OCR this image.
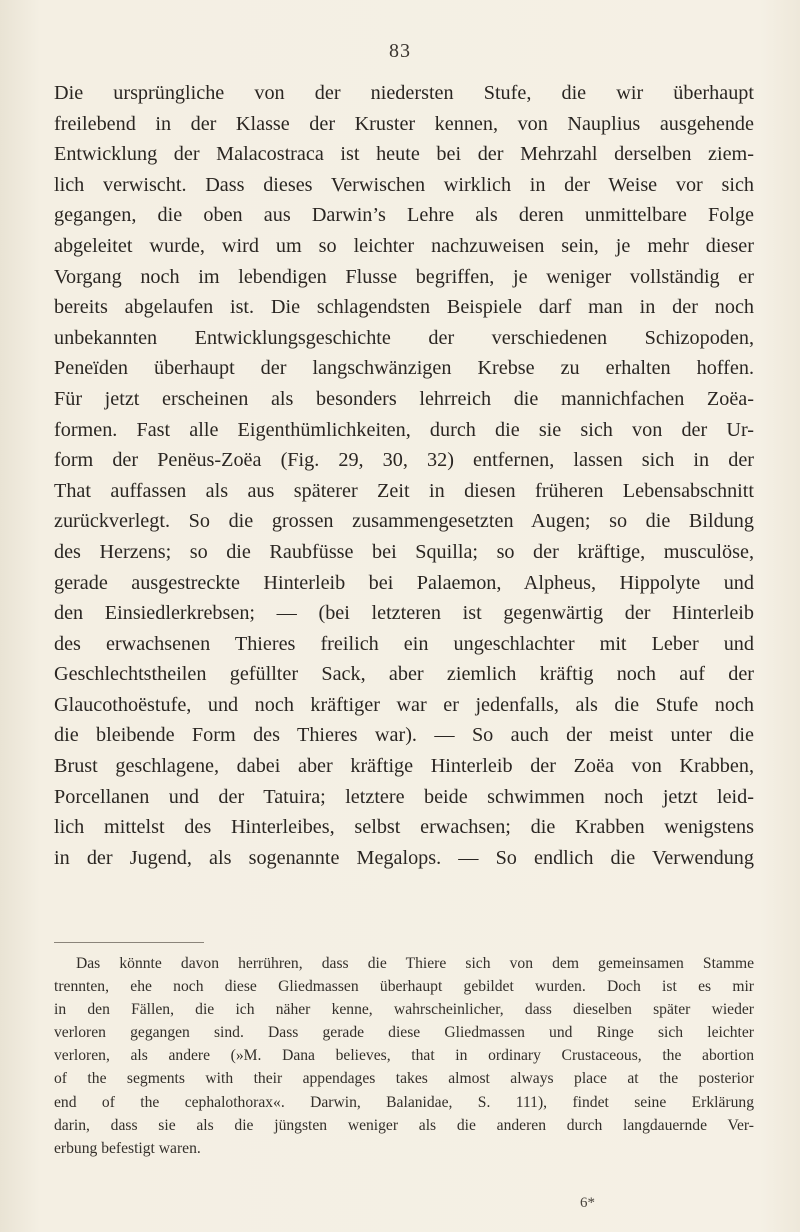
83
Die ursprüngliche von der niedersten Stufe, die wir überhaupt
freilebend in der Klasse der Kruster kennen, von Nauplius ausgehende
Entwicklung der Malacostraca ist heute bei der Mehrzahl derselben ziem-
lich verwischt. Dass dieses Verwischen wirklich in der Weise vor sich
gegangen, die oben aus Darwin’s Lehre als deren unmittelbare Folge
abgeleitet wurde, wird um so leichter nachzuweisen sein, je mehr dieser
Vorgang noch im lebendigen Flusse begriffen, je weniger vollständig er
bereits abgelaufen ist. Die schlagendsten Beispiele darf man in der noch
unbekannten Entwicklungsgeschichte der verschiedenen Schizopoden,
Peneïden überhaupt der langschwänzigen Krebse zu erhalten hoffen.
Für jetzt erscheinen als besonders lehrreich die mannichfachen Zoëa-
formen. Fast alle Eigenthümlichkeiten, durch die sie sich von der Ur-
form der Penëus-Zoëa (Fig. 29, 30, 32) entfernen, lassen sich in der
That auffassen als aus späterer Zeit in diesen früheren Lebensabschnitt
zurückverlegt. So die grossen zusammengesetzten Augen; so die Bildung
des Herzens; so die Raubfüsse bei Squilla; so der kräftige, musculöse,
gerade ausgestreckte Hinterleib bei Palaemon, Alpheus, Hippolyte und
den Einsiedlerkrebsen; — (bei letzteren ist gegenwärtig der Hinterleib
des erwachsenen Thieres freilich ein ungeschlachter mit Leber und
Geschlechtstheilen gefüllter Sack, aber ziemlich kräftig noch auf der
Glaucothoëstufe, und noch kräftiger war er jedenfalls, als die Stufe noch
die bleibende Form des Thieres war). — So auch der meist unter die
Brust geschlagene, dabei aber kräftige Hinterleib der Zoëa von Krabben,
Porcellanen und der Tatuira; letztere beide schwimmen noch jetzt leid-
lich mittelst des Hinterleibes, selbst erwachsen; die Krabben wenigstens
in der Jugend, als sogenannte Megalops. — So endlich die Verwendung
Das könnte davon herrühren, dass die Thiere sich von dem gemeinsamen Stamme
trennten, ehe noch diese Gliedmassen überhaupt gebildet wurden. Doch ist es mir
in den Fällen, die ich näher kenne, wahrscheinlicher, dass dieselben später wieder
verloren gegangen sind. Dass gerade diese Gliedmassen und Ringe sich leichter
verloren, als andere (»M. Dana believes, that in ordinary Crustaceous, the abortion
of the segments with their appendages takes almost always place at the posterior
end of the cephalothorax«. Darwin, Balanidae, S. 111), findet seine Erklärung
darin, dass sie als die jüngsten weniger als die anderen durch langdauernde Ver-
erbung befestigt waren.
6*
